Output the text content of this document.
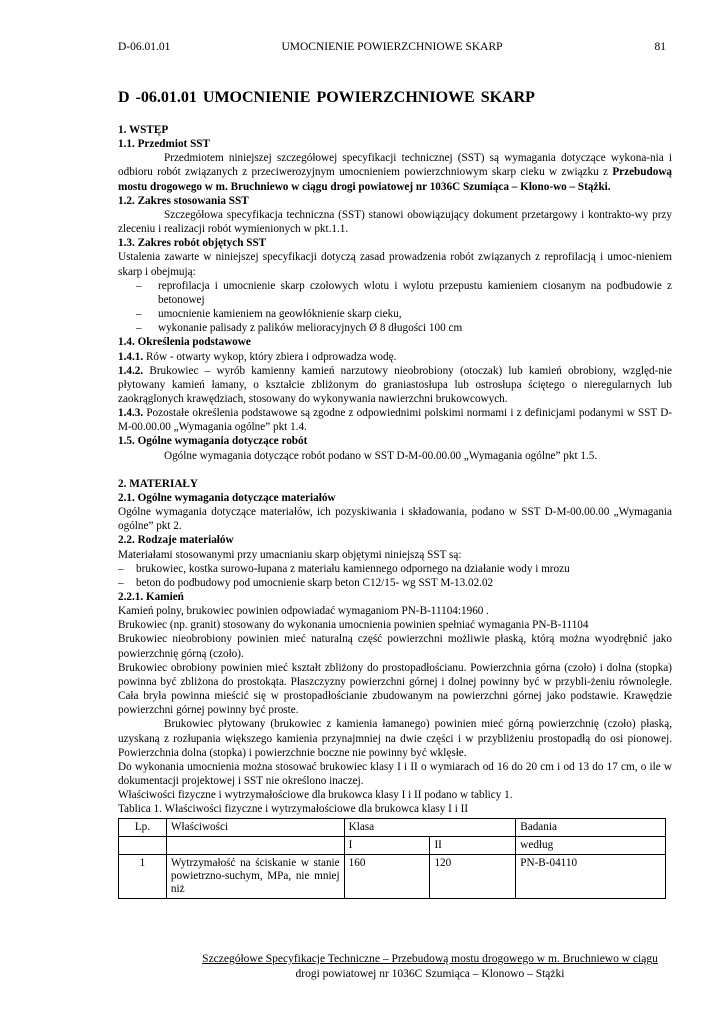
D-06.01.01	UMOCNIENIE POWIERZCHNIOWE SKARP	81
D -06.01.01 UMOCNIENIE POWIERZCHNIOWE SKARP
1. WSTĘP
1.1. Przedmiot SST

Przedmiotem niniejszej szczegółowej specyfikacji technicznej (SST) są wymagania dotyczące wykona-nia i odbioru robót związanych z przeciwerozyjnym umocnieniem powierzchniowym skarp cieku w związku z Przebudową mostu drogowego w m. Bruchniewo w ciągu drogi powiatowej nr 1036C Szumiąca – Klono-wo – Stążki.

1.2. Zakres stosowania SST

Szczegółowa specyfikacja techniczna (SST) stanowi obowiązujący dokument przetargowy i kontrakto-wy przy zleceniu i realizacji robót wymienionych w pkt.1.1.

1.3. Zakres robót objętych SST

Ustalenia zawarte w niniejszej specyfikacji dotyczą zasad prowadzenia robót związanych z reprofilacją i umoc-nieniem skarp i obejmują:

– reprofilacja i umocnienie skarp czołowych wlotu i wylotu przepustu kamieniem ciosanym na podbudowie z betonowej

– umocnienie kamieniem na geowłóknienie skarp cieku,

– wykonanie palisady z palików melioracyjnych Ø 8 długości 100 cm

1.4. Określenia podstawowe

1.4.1. Rów - otwarty wykop, który zbiera i odprowadza wodę.

1.4.2. Brukowiec – wyrób kamienny kamień narzutowy nieobrobiony (otoczak) lub kamień obrobiony, względ-nie płytowany kamień łamany, o kształcie zbliżonym do graniastosłupa lub ostrosłupa ściętego o nieregularnych lub zaokrąglonych krawędziach, stosowany do wykonywania nawierzchni brukowcowych.

1.4.3. Pozostałe określenia podstawowe są zgodne z odpowiednimi polskimi normami i z definicjami podanymi w SST D-M-00.00.00 „Wymagania ogólne” pkt 1.4.

1.5. Ogólne wymagania dotyczące robót

Ogólne wymagania dotyczące robót podano w SST D-M-00.00.00 „Wymagania ogólne” pkt 1.5.

2. MATERIAŁY
2.1. Ogólne wymagania dotyczące materiałów

Ogólne wymagania dotyczące materiałów, ich pozyskiwania i składowania, podano w SST D-M-00.00.00 „Wymagania ogólne” pkt 2.

2.2. Rodzaje materiałów

Materiałami stosowanymi przy umacnianiu skarp objętymi niniejszą SST są:

– brukowiec, kostka surowo-łupana z materiału kamiennego odpornego na działanie wody i mrozu

– beton do podbudowy pod umocnienie skarp beton C12/15- wg SST M-13.02.02

2.2.1. Kamień

Kamień polny, brukowiec powinien odpowiadać wymaganiom PN-B-11104:1960 .

Brukowiec (np. granit) stosowany do wykonania umocnienia powinien spełniać wymagania PN-B-11104

Brukowiec nieobrobiony powinien mieć naturalną część powierzchni możliwie płaską, którą można wyodrębnić jako powierzchnię górną (czoło).

Brukowiec obrobiony powinien mieć kształt zbliżony do prostopadłościanu. Powierzchnia górna (czoło) i dolna (stopka) powinna być zbliżona do prostokąta. Płaszczyzny powierzchni górnej i dolnej powinny być w przybli-żeniu równoległe. Cała bryła powinna mieścić się w prostopadłościanie zbudowanym na powierzchni górnej jako podstawie. Krawędzie powierzchni górnej powinny być proste.

Brukowiec płytowany (brukowiec z kamienia łamanego) powinien mieć górną powierzchnię (czoło) płaską, uzyskaną z rozłupania większego kamienia przynajmniej na dwie części i w przybliżeniu prostopadłą do osi pionowej. Powierzchnia dolna (stopka) i powierzchnie boczne nie powinny być wklęsłe.

Do wykonania umocnienia można stosować brukowiec klasy I i II o wymiarach od 16 do 20 cm i od 13 do 17 cm, o ile w dokumentacji projektowej i SST nie określono inaczej.

Właściwości fizyczne i wytrzymałościowe dla brukowca klasy I i II podano w tablicy 1.

Tablica 1. Właściwości fizyczne i wytrzymałościowe dla brukowca klasy I i II

Lp.	Właściwości	Klasa		Badania
		I	II	według
1	Wytrzymałość na ściskanie w stanie powietrzno-suchym, MPa, nie mniej niż	160	120	PN-B-04110
Szczegółowe Specyfikacje Techniczne – Przebudową mostu drogowego w m. Bruchniewo w ciągu
drogi powiatowej nr 1036C Szumiąca – Klonowo – Stążki
